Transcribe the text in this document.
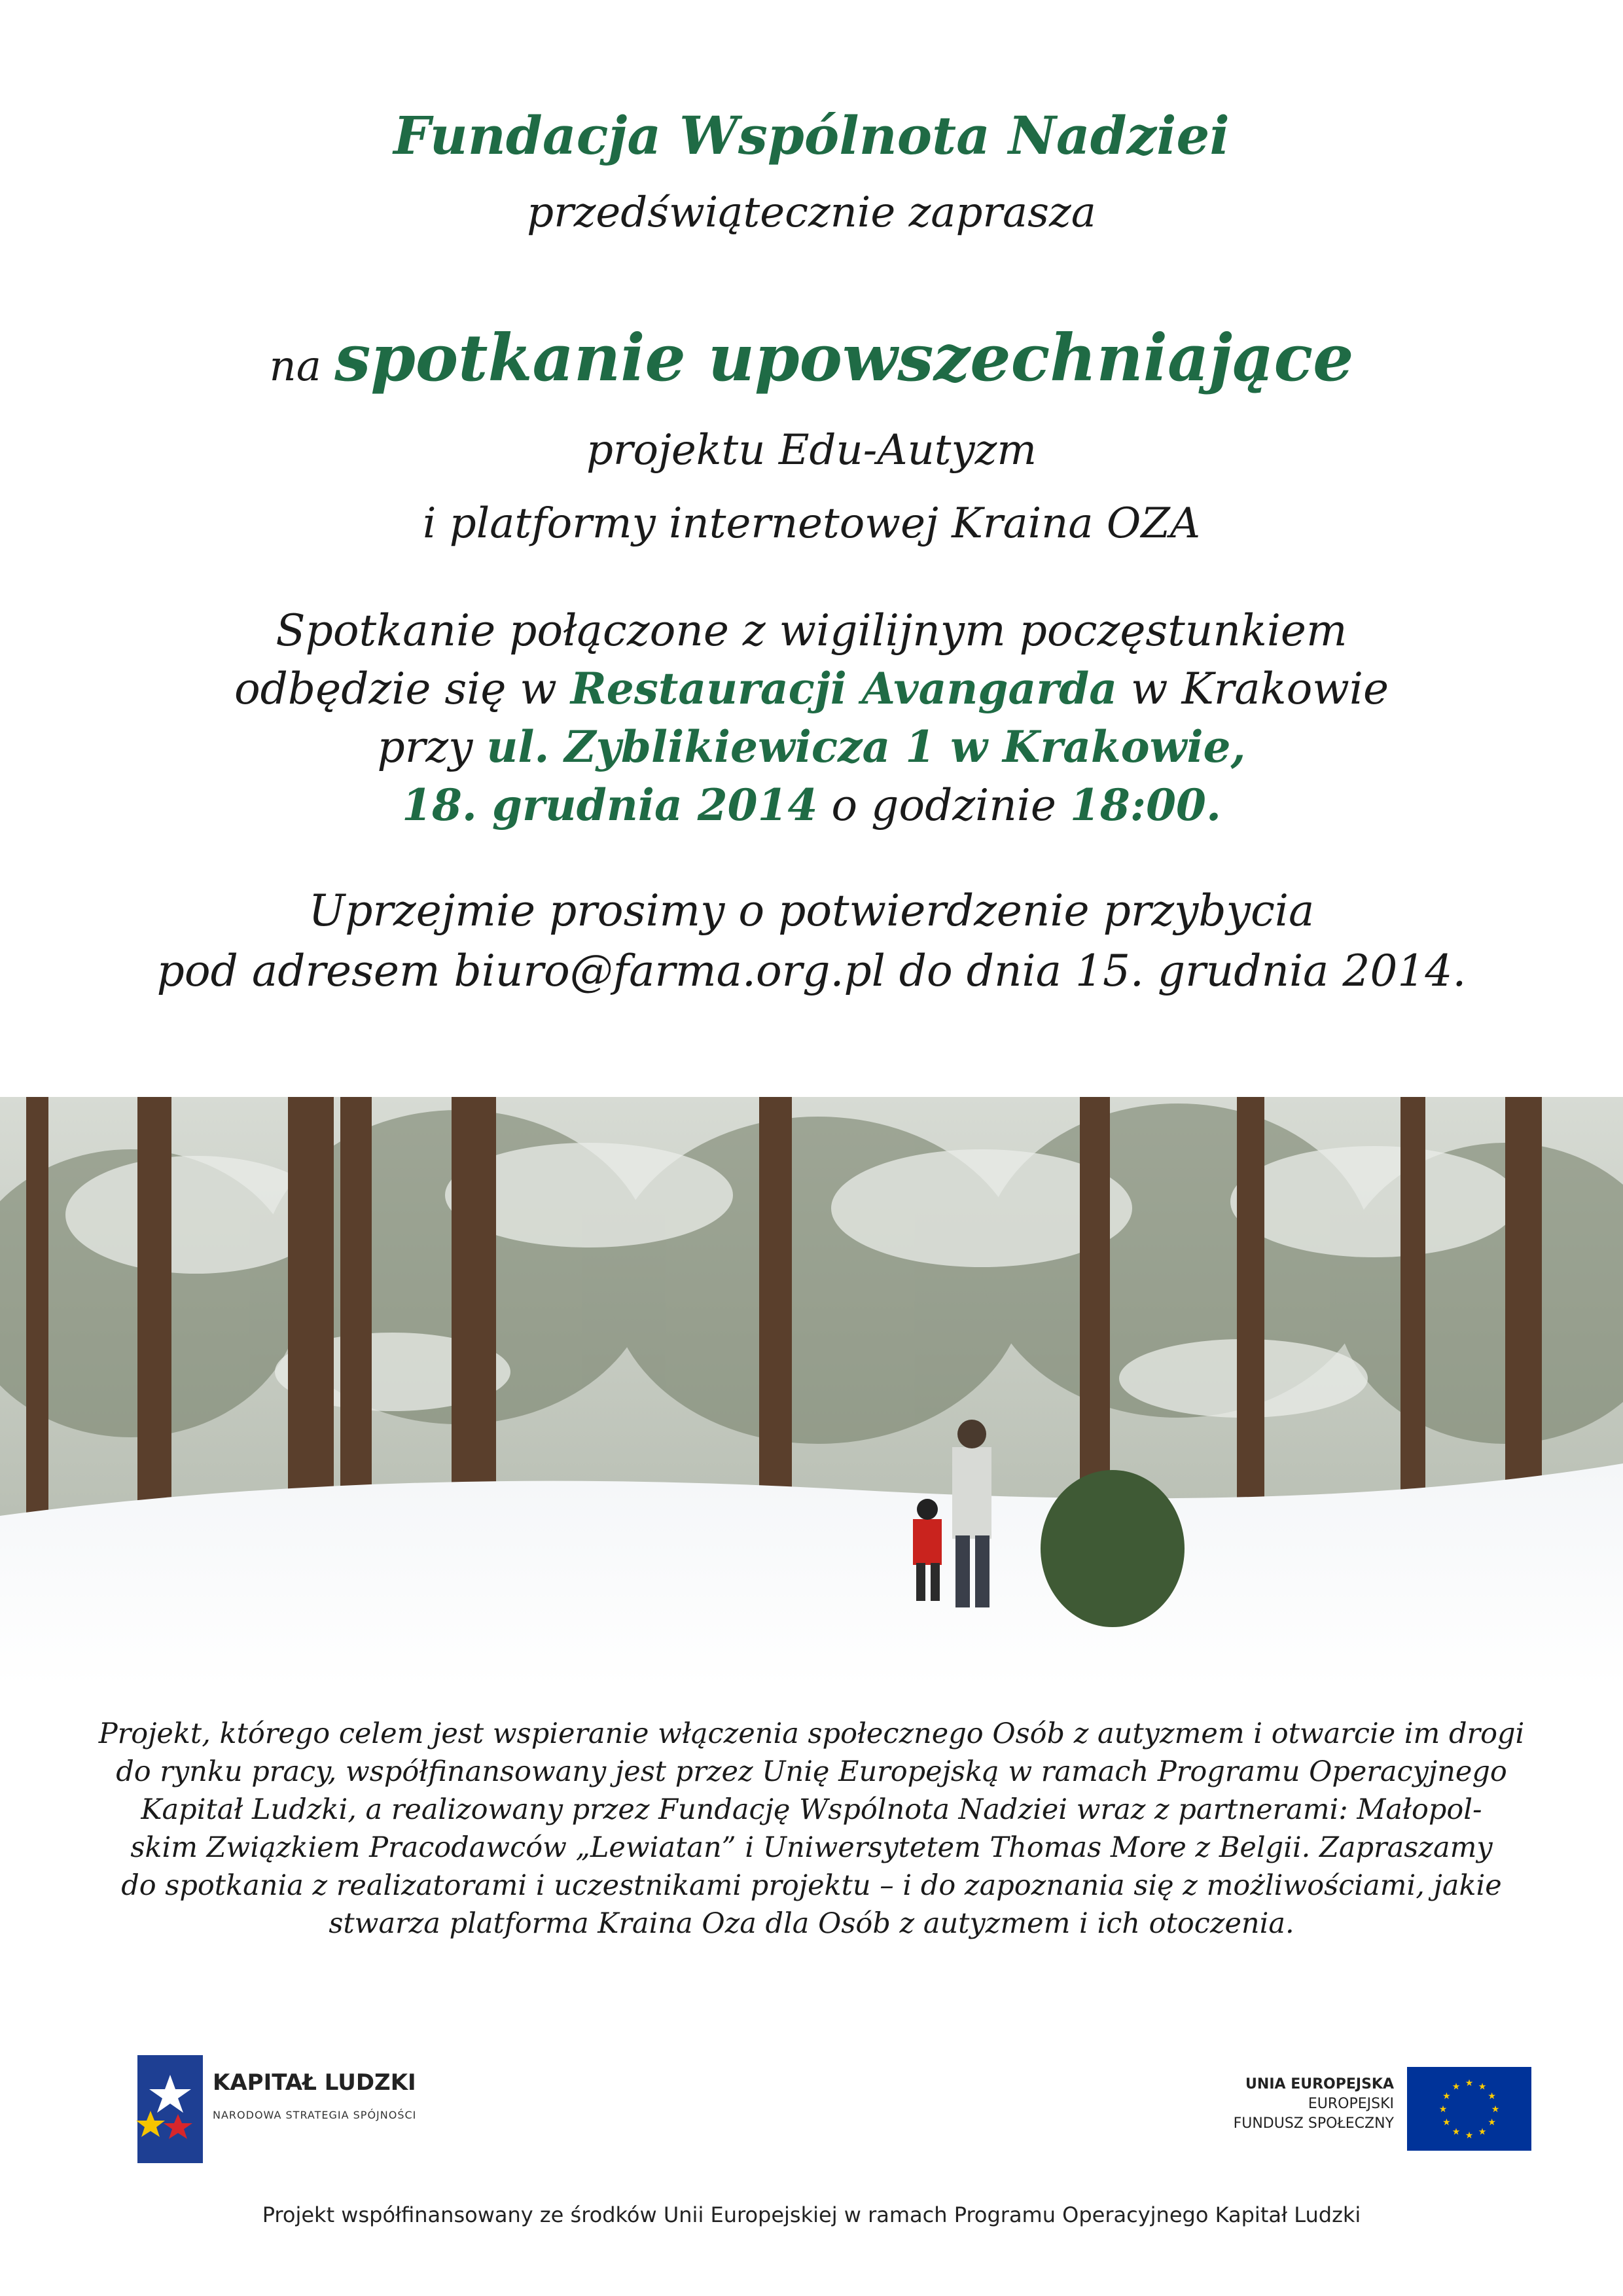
Fundacja Wspólnota Nadziei
przedświątecznie zaprasza
na spotkanie upowszechniające
projektu Edu-Autyzm
i platformy internetowej Kraina OZA
Spotkanie połączone z wigilijnym poczęstunkiem
odbędzie się w Restauracji Avangarda w Krakowie
przy ul. Zyblikiewicza 1 w Krakowie,
18. grudnia 2014 o godzinie 18:00.
Uprzejmie prosimy o potwierdzenie przybycia
pod adresem biuro@farma.org.pl do dnia 15. grudnia 2014.
Projekt, którego celem jest wspieranie włączenia społecznego Osób z autyzmem i otwarcie im drogi
do rynku pracy, współfinansowany jest przez Unię Europejską w ramach Programu Operacyjnego
Kapitał Ludzki, a realizowany przez Fundację Wspólnota Nadziei wraz z partnerami: Małopol-
skim Związkiem Pracodawców „Lewiatan” i Uniwersytetem Thomas More z Belgii. Zapraszamy
do spotkania z realizatorami i uczestnikami projektu – i do zapoznania się z możliwościami, jakie
stwarza platforma Kraina Oza dla Osób z autyzmem i ich otoczenia.
KAPITAŁ LUDZKI
NARODOWA STRATEGIA SPÓJNOŚCI
UNIA EUROPEJSKA
EUROPEJSKI
FUNDUSZ SPOŁECZNY
★ ★
★
★
★
★
★
★
★
★
★
★
Projekt współfinansowany ze środków Unii Europejskiej w ramach Programu Operacyjnego Kapitał Ludzki
